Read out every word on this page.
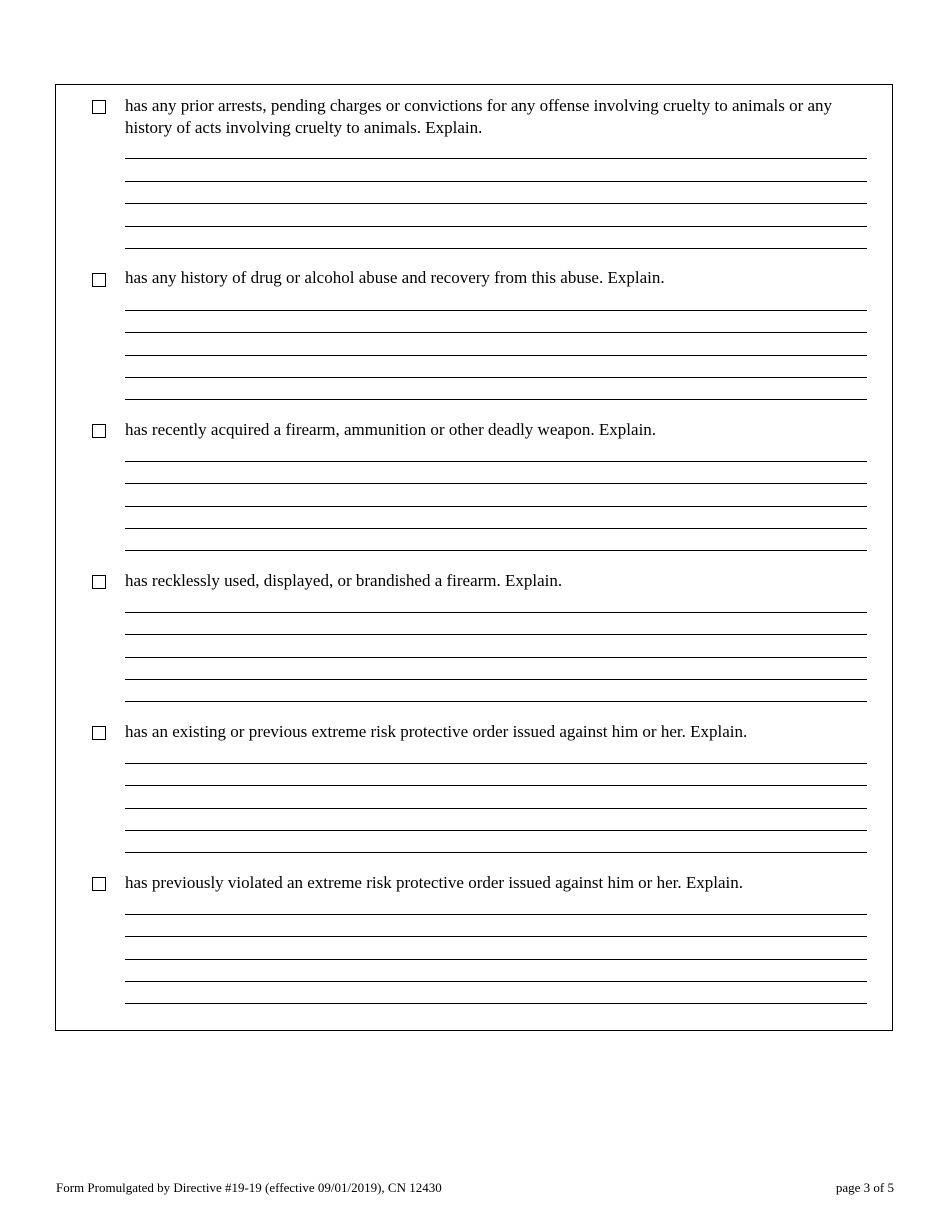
has any prior arrests, pending charges or convictions for any offense involving cruelty to animals or any history of acts involving cruelty to animals. Explain.
has any history of drug or alcohol abuse and recovery from this abuse. Explain.
has recently acquired a firearm, ammunition or other deadly weapon. Explain.
has recklessly used, displayed, or brandished a firearm. Explain.
has an existing or previous extreme risk protective order issued against him or her. Explain.
has previously violated an extreme risk protective order issued against him or her. Explain.
Form Promulgated by Directive #19-19 (effective 09/01/2019), CN 12430	page 3 of 5
